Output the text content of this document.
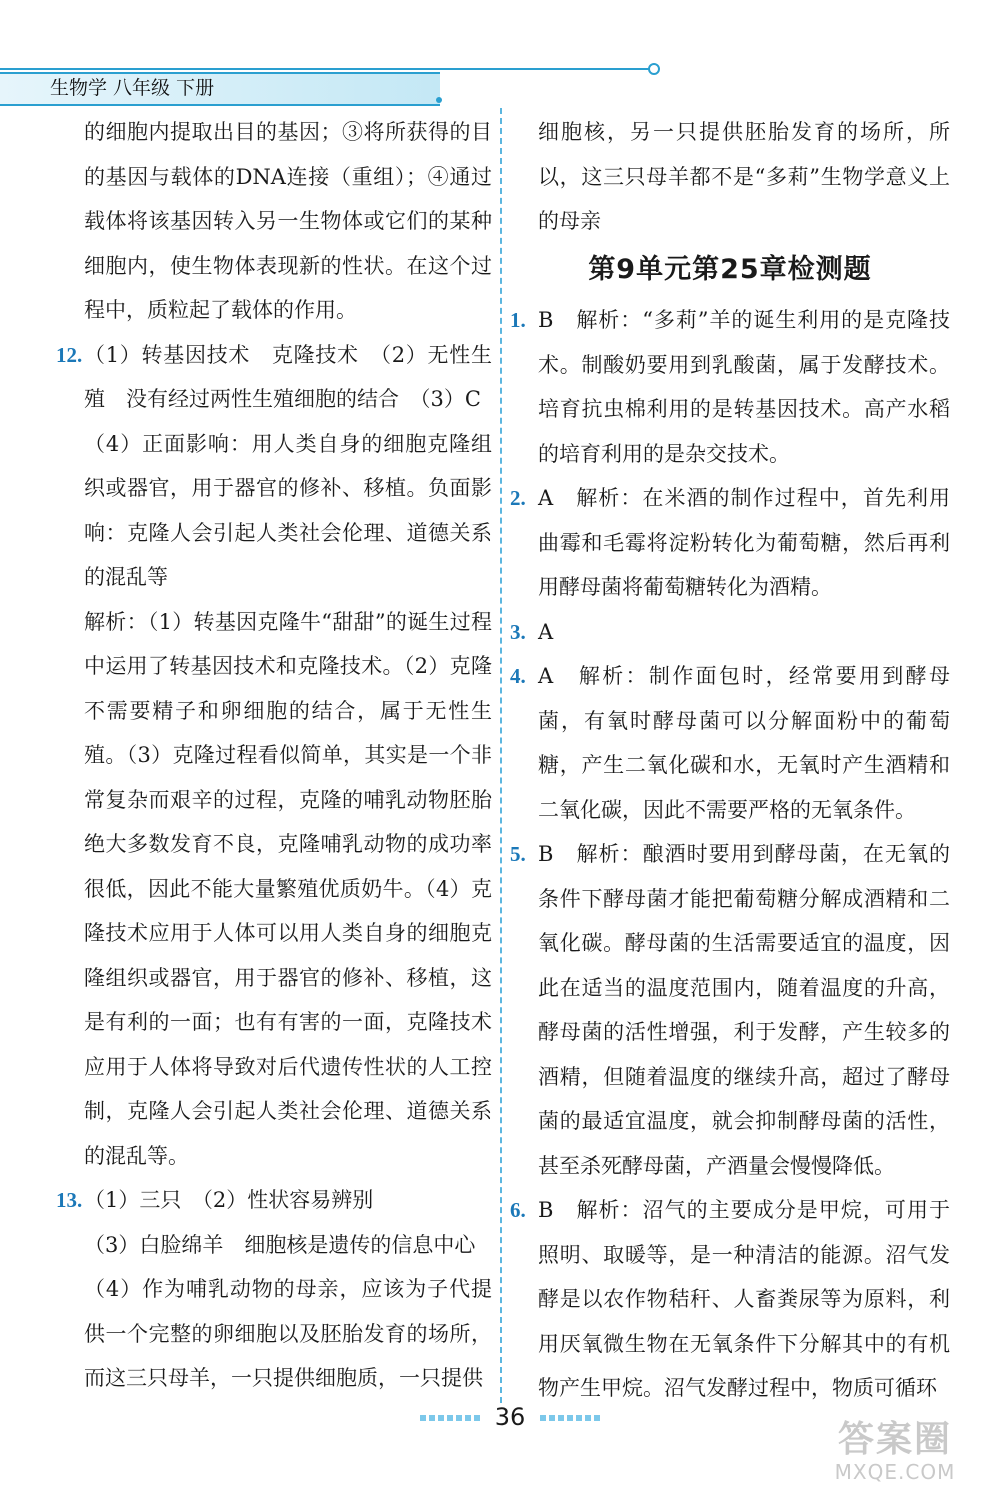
生物学 八年级 下册

的细胞内提取出目的基因；③将所获得的目的基因与载体的DNA连接（重组）；④通过载体将该基因转入另一生物体或它们的某种细胞内，使生物体表现新的性状。在这个过程中，质粒起了载体的作用。

12. （1）转基因技术　克隆技术　（2）无性生殖　没有经过两性生殖细胞的结合　（3）C

（4）正面影响：用人类自身的细胞克隆组织或器官，用于器官的修补、移植。负面影响：克隆人会引起人类社会伦理、道德关系的混乱等

解析：（1）转基因克隆牛“甜甜”的诞生过程中运用了转基因技术和克隆技术。（2）克隆不需要精子和卵细胞的结合，属于无性生殖。（3）克隆过程看似简单，其实是一个非常复杂而艰辛的过程，克隆的哺乳动物胚胎绝大多数发育不良，克隆哺乳动物的成功率很低，因此不能大量繁殖优质奶牛。（4）克隆技术应用于人体可以用人类自身的细胞克隆组织或器官，用于器官的修补、移植，这是有利的一面；也有有害的一面，克隆技术应用于人体将导致对后代遗传性状的人工控制，克隆人会引起人类社会伦理、道德关系的混乱等。

13. （1）三只　（2）性状容易辨别

（3）白脸绵羊　细胞核是遗传的信息中心

（4）作为哺乳动物的母亲，应该为子代提供一个完整的卵细胞以及胚胎发育的场所，而这三只母羊，一只提供细胞质，一只提供

细胞核，另一只提供胚胎发育的场所，所以，这三只母羊都不是“多莉”生物学意义上的母亲

第9单元第25章检测题
1. B　解析：“多莉”羊的诞生利用的是克隆技术。制酸奶要用到乳酸菌，属于发酵技术。培育抗虫棉利用的是转基因技术。高产水稻的培育利用的是杂交技术。
2. A　解析：在米酒的制作过程中，首先利用曲霉和毛霉将淀粉转化为葡萄糖，然后再利用酵母菌将葡萄糖转化为酒精。
3. A
4. A　解析：制作面包时，经常要用到酵母菌，有氧时酵母菌可以分解面粉中的葡萄糖，产生二氧化碳和水，无氧时产生酒精和二氧化碳，因此不需要严格的无氧条件。
5. B　解析：酿酒时要用到酵母菌，在无氧的条件下酵母菌才能把葡萄糖分解成酒精和二氧化碳。酵母菌的生活需要适宜的温度，因此在适当的温度范围内，随着温度的升高，酵母菌的活性增强，利于发酵，产生较多的酒精，但随着温度的继续升高，超过了酵母菌的最适宜温度，就会抑制酵母菌的活性，甚至杀死酵母菌，产酒量会慢慢降低。
6. B　解析：沼气的主要成分是甲烷，可用于照明、取暖等，是一种清洁的能源。沼气发酵是以农作物秸秆、人畜粪尿等为原料，利用厌氧微生物在无氧条件下分解其中的有机物产生甲烷。沼气发酵过程中，物质可循环
36
答案圈
MXQE.COM
